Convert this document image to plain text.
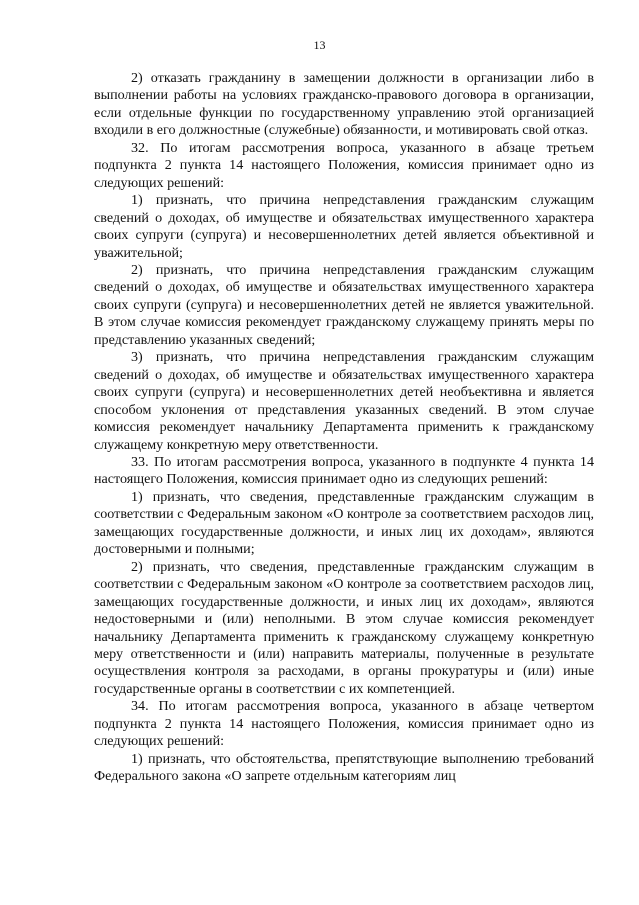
13

2) отказать гражданину в замещении должности в организации либо в выполнении работы на условиях гражданско-правового договора в организации, если отдельные функции по государственному управлению этой организацией входили в его должностные (служебные) обязанности, и мотивировать свой отказ.

32. По итогам рассмотрения вопроса, указанного в абзаце третьем подпункта 2 пункта 14 настоящего Положения, комиссия принимает одно из следующих решений:

1) признать, что причина непредставления гражданским служащим сведений о доходах, об имуществе и обязательствах имущественного характера своих супруги (супруга) и несовершеннолетних детей является объективной и уважительной;

2) признать, что причина непредставления гражданским служащим сведений о доходах, об имуществе и обязательствах имущественного характера своих супруги (супруга) и несовершеннолетних детей не является уважительной. В этом случае комиссия рекомендует гражданскому служащему принять меры по представлению указанных сведений;

3) признать, что причина непредставления гражданским служащим сведений о доходах, об имуществе и обязательствах имущественного характера своих супруги (супруга) и несовершеннолетних детей необъективна и является способом уклонения от представления указанных сведений. В этом случае комиссия рекомендует начальнику Департамента применить к гражданскому служащему конкретную меру ответственности.

33. По итогам рассмотрения вопроса, указанного в подпункте 4 пункта 14 настоящего Положения, комиссия принимает одно из следующих решений:

1) признать, что сведения, представленные гражданским служащим в соответствии с Федеральным законом «О контроле за соответствием расходов лиц, замещающих государственные должности, и иных лиц их доходам», являются достоверными и полными;

2) признать, что сведения, представленные гражданским служащим в соответствии с Федеральным законом «О контроле за соответствием расходов лиц, замещающих государственные должности, и иных лиц их доходам», являются недостоверными и (или) неполными. В этом случае комиссия рекомендует начальнику Департамента применить к гражданскому служащему конкретную меру ответственности и (или) направить материалы, полученные в результате осуществления контроля за расходами, в органы прокуратуры и (или) иные государственные органы в соответствии с их компетенцией.

34. По итогам рассмотрения вопроса, указанного в абзаце четвертом подпункта 2 пункта 14 настоящего Положения, комиссия принимает одно из следующих решений:

1) признать, что обстоятельства, препятствующие выполнению требований Федерального закона «О запрете отдельным категориям лиц
